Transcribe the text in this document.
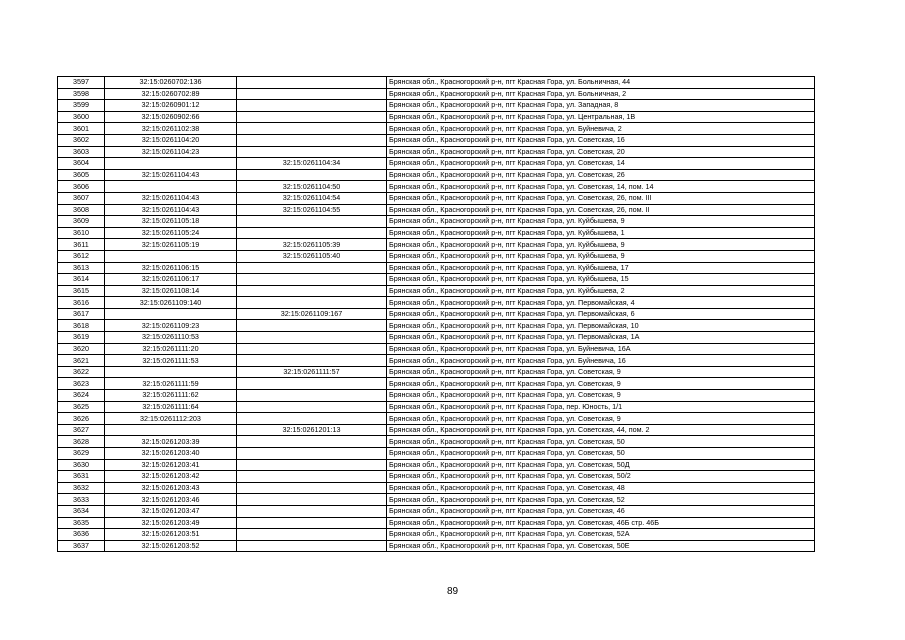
3597	32:15:0260702:136		Брянская обл., Красногорский р-н, пгт Красная Гора, ул. Больничная, 44
3598	32:15:0260702:89		Брянская обл., Красногорский р-н, пгт Красная Гора, ул. Больничная, 2
3599	32:15:0260901:12		Брянская обл., Красногорский р-н, пгт Красная Гора, ул. Западная, 8
3600	32:15:0260902:66		Брянская обл., Красногорский р-н, пгт Красная Гора, ул. Центральная, 1В
3601	32:15:0261102:38		Брянская обл., Красногорский р-н, пгт Красная Гора, ул. Буйневича, 2
3602	32:15:0261104:20		Брянская обл., Красногорский р-н, пгт Красная Гора, ул. Советская, 16
3603	32:15:0261104:23		Брянская обл., Красногорский р-н, пгт Красная Гора, ул. Советская, 20
3604		32:15:0261104:34	Брянская обл., Красногорский р-н, пгт Красная Гора, ул. Советская, 14
3605	32:15:0261104:43		Брянская обл., Красногорский р-н, пгт Красная Гора, ул. Советская, 26
3606		32:15:0261104:50	Брянская обл., Красногорский р-н, пгт Красная Гора, ул. Советская, 14, пом. 14
3607	32:15:0261104:43	32:15:0261104:54	Брянская обл., Красногорский р-н, пгт Красная Гора, ул. Советская, 26, пом. III
3608	32:15:0261104:43	32:15:0261104:55	Брянская обл., Красногорский р-н, пгт Красная Гора, ул. Советская, 26, пом. II
3609	32:15:0261105:18		Брянская обл., Красногорский р-н, пгт Красная Гора, ул. Куйбышева, 9
3610	32:15:0261105:24		Брянская обл., Красногорский р-н, пгт Красная Гора, ул. Куйбышева, 1
3611	32:15:0261105:19	32:15:0261105:39	Брянская обл., Красногорский р-н, пгт Красная Гора, ул. Куйбышева, 9
3612		32:15:0261105:40	Брянская обл., Красногорский р-н, пгт Красная Гора, ул. Куйбышева, 9
3613	32:15:0261106:15		Брянская обл., Красногорский р-н, пгт Красная Гора, ул. Куйбышева, 17
3614	32:15:0261106:17		Брянская обл., Красногорский р-н, пгт Красная Гора, ул. Куйбышева, 15
3615	32:15:0261108:14		Брянская обл., Красногорский р-н, пгт Красная Гора, ул. Куйбышева, 2
3616	32:15:0261109:140		Брянская обл., Красногорский р-н, пгт Красная Гора, ул. Первомайская, 4
3617		32:15:0261109:167	Брянская обл., Красногорский р-н, пгт Красная Гора, ул. Первомайская, 6
3618	32:15:0261109:23		Брянская обл., Красногорский р-н, пгт Красная Гора, ул. Первомайская, 10
3619	32:15:0261110:53		Брянская обл., Красногорский р-н, пгт Красная Гора, ул. Первомайская, 1А
3620	32:15:0261111:20		Брянская обл., Красногорский р-н, пгт Красная Гора, ул. Буйневича, 16А
3621	32:15:0261111:53		Брянская обл., Красногорский р-н, пгт Красная Гора, ул. Буйневича, 16
3622		32:15:0261111:57	Брянская обл., Красногорский р-н, пгт Красная Гора, ул. Советская, 9
3623	32:15:0261111:59		Брянская обл., Красногорский р-н, пгт Красная Гора, ул. Советская, 9
3624	32:15:0261111:62		Брянская обл., Красногорский р-н, пгт Красная Гора, ул. Советская, 9
3625	32:15:0261111:64		Брянская обл., Красногорский р-н, пгт Красная Гора, пер. Юность, 1/1
3626	32:15:0261112:203		Брянская обл., Красногорский р-н, пгт Красная Гора, ул. Советская, 9
3627		32:15:0261201:13	Брянская обл., Красногорский р-н, пгт Красная Гора, ул. Советская, 44, пом. 2
3628	32:15:0261203:39		Брянская обл., Красногорский р-н, пгт Красная Гора, ул. Советская, 50
3629	32:15:0261203:40		Брянская обл., Красногорский р-н, пгт Красная Гора, ул. Советская, 50
3630	32:15:0261203:41		Брянская обл., Красногорский р-н, пгт Красная Гора, ул. Советская, 50Д
3631	32:15:0261203:42		Брянская обл., Красногорский р-н, пгт Красная Гора, ул. Советская, 50/2
3632	32:15:0261203:43		Брянская обл., Красногорский р-н, пгт Красная Гора, ул. Советская, 48
3633	32:15:0261203:46		Брянская обл., Красногорский р-н, пгт Красная Гора, ул. Советская, 52
3634	32:15:0261203:47		Брянская обл., Красногорский р-н, пгт Красная Гора, ул. Советская, 46
3635	32:15:0261203:49		Брянская обл., Красногорский р-н, пгт Красная Гора, ул. Советская, 46Б стр. 46Б
3636	32:15:0261203:51		Брянская обл., Красногорский р-н, пгт Красная Гора, ул. Советская, 52А
3637	32:15:0261203:52		Брянская обл., Красногорский р-н, пгт Красная Гора, ул. Советская, 50Е
89
